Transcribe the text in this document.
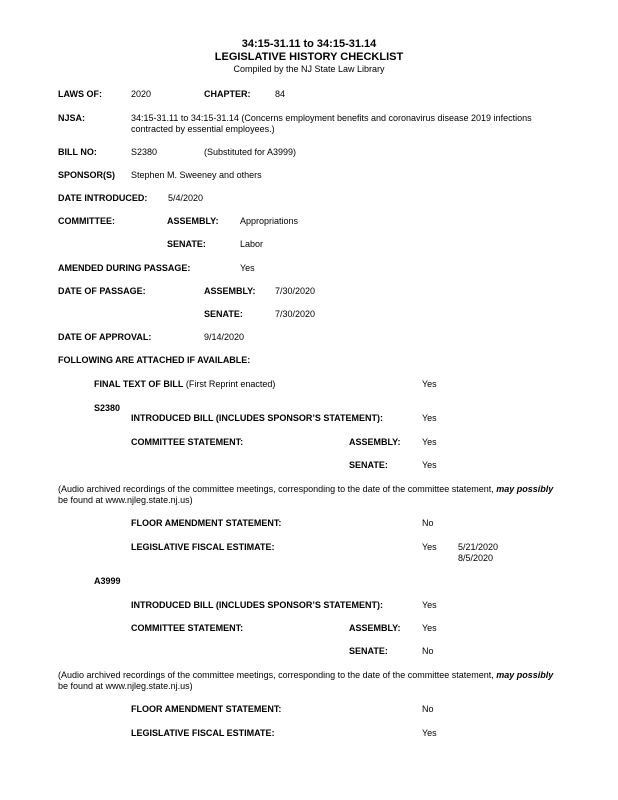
34:15-31.11 to 34:15-31.14
LEGISLATIVE HISTORY CHECKLIST
Compiled by the NJ State Law Library
LAWS OF:	2020	CHAPTER:	84
NJSA:	34:15-31.11 to 34:15-31.14 (Concerns employment benefits and coronavirus disease 2019 infections
contracted by essential employees.)
BILL NO:	S2380	(Substituted for A3999)
SPONSOR(S) Stephen M. Sweeney and others
DATE INTRODUCED: 5/4/2020
COMMITTEE:	ASSEMBLY: Appropriations
SENATE:	Labor
AMENDED DURING PASSAGE:	Yes
DATE OF PASSAGE:	ASSEMBLY: 7/30/2020
SENATE:	7/30/2020
DATE OF APPROVAL:	9/14/2020
FOLLOWING ARE ATTACHED IF AVAILABLE:
FINAL TEXT OF BILL (First Reprint enacted)	Yes
S2380
INTRODUCED BILL (INCLUDES SPONSOR’S STATEMENT):	Yes
COMMITTEE STATEMENT:	ASSEMBLY: Yes
SENATE:	Yes
(Audio archived recordings of the committee meetings, corresponding to the date of the committee statement, may possibly
be found at www.njleg.state.nj.us)
FLOOR AMENDMENT STATEMENT:	No
LEGISLATIVE FISCAL ESTIMATE:	Yes 5/21/2020
8/5/2020
A3999
INTRODUCED BILL (INCLUDES SPONSOR’S STATEMENT):	Yes
COMMITTEE STATEMENT:	ASSEMBLY: Yes
SENATE:	No
(Audio archived recordings of the committee meetings, corresponding to the date of the committee statement, may possibly
be found at www.njleg.state.nj.us)
FLOOR AMENDMENT STATEMENT:	No
LEGISLATIVE FISCAL ESTIMATE:	Yes
